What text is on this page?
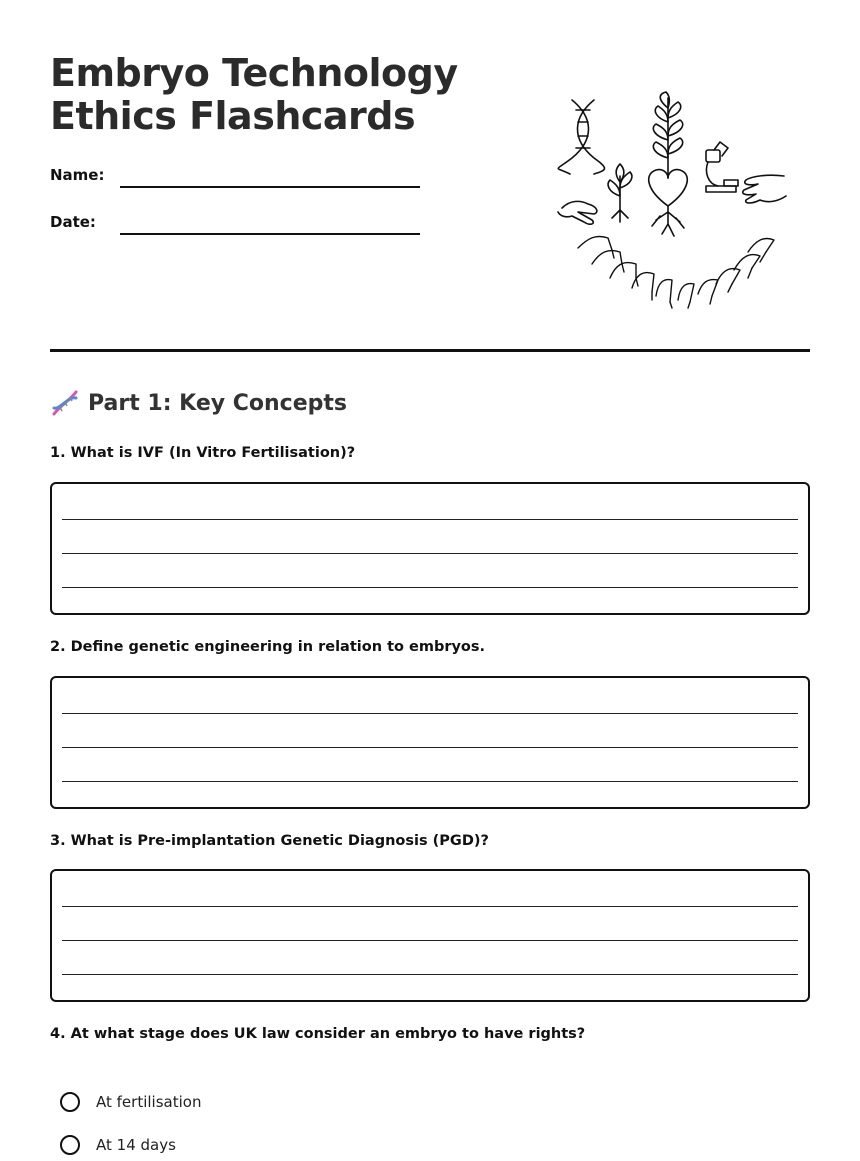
Embryo Technology
Ethics Flashcards
Name:
Date:
Part 1: Key Concepts
1. What is IVF (In Vitro Fertilisation)?
2. Define genetic engineering in relation to embryos.
3. What is Pre-implantation Genetic Diagnosis (PGD)?
4. At what stage does UK law consider an embryo to have rights?
At fertilisation
At 14 days
